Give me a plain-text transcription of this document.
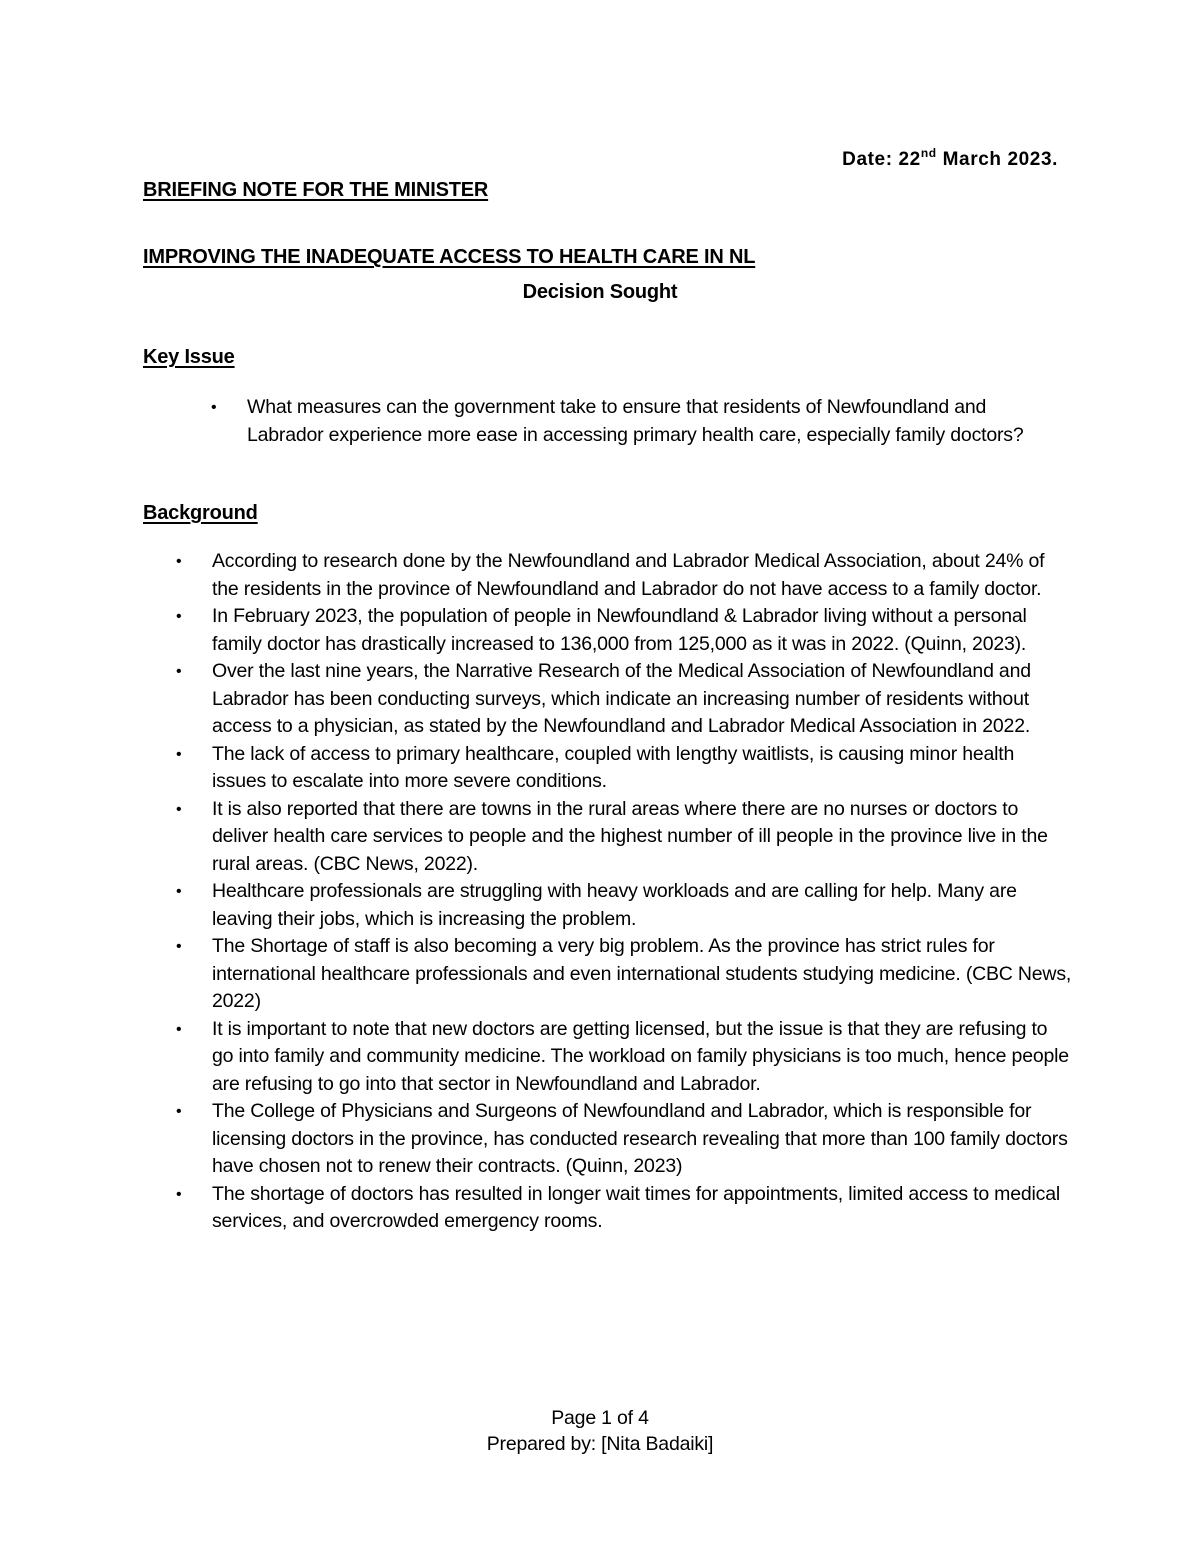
Date: 22nd March 2023.
BRIEFING NOTE FOR THE MINISTER
IMPROVING THE INADEQUATE ACCESS TO HEALTH CARE IN NL
Decision Sought
Key Issue
• What measures can the government take to ensure that residents of Newfoundland and Labrador experience more ease in accessing primary health care, especially family doctors?
Background
• According to research done by the Newfoundland and Labrador Medical Association, about 24% of the residents in the province of Newfoundland and Labrador do not have access to a family doctor.
• In February 2023, the population of people in Newfoundland & Labrador living without a personal family doctor has drastically increased to 136,000 from 125,000 as it was in 2022. (Quinn, 2023).
• Over the last nine years, the Narrative Research of the Medical Association of Newfoundland and Labrador has been conducting surveys, which indicate an increasing number of residents without access to a physician, as stated by the Newfoundland and Labrador Medical Association in 2022.
• The lack of access to primary healthcare, coupled with lengthy waitlists, is causing minor health issues to escalate into more severe conditions.
• It is also reported that there are towns in the rural areas where there are no nurses or doctors to deliver health care services to people and the highest number of ill people in the province live in the rural areas. (CBC News, 2022).
• Healthcare professionals are struggling with heavy workloads and are calling for help. Many are leaving their jobs, which is increasing the problem.
• The Shortage of staff is also becoming a very big problem. As the province has strict rules for international healthcare professionals and even international students studying medicine. (CBC News, 2022)
• It is important to note that new doctors are getting licensed, but the issue is that they are refusing to go into family and community medicine. The workload on family physicians is too much, hence people are refusing to go into that sector in Newfoundland and Labrador.
• The College of Physicians and Surgeons of Newfoundland and Labrador, which is responsible for licensing doctors in the province, has conducted research revealing that more than 100 family doctors have chosen not to renew their contracts. (Quinn, 2023)
• The shortage of doctors has resulted in longer wait times for appointments, limited access to medical services, and overcrowded emergency rooms.
Page 1 of 4
Prepared by: [Nita Badaiki]
